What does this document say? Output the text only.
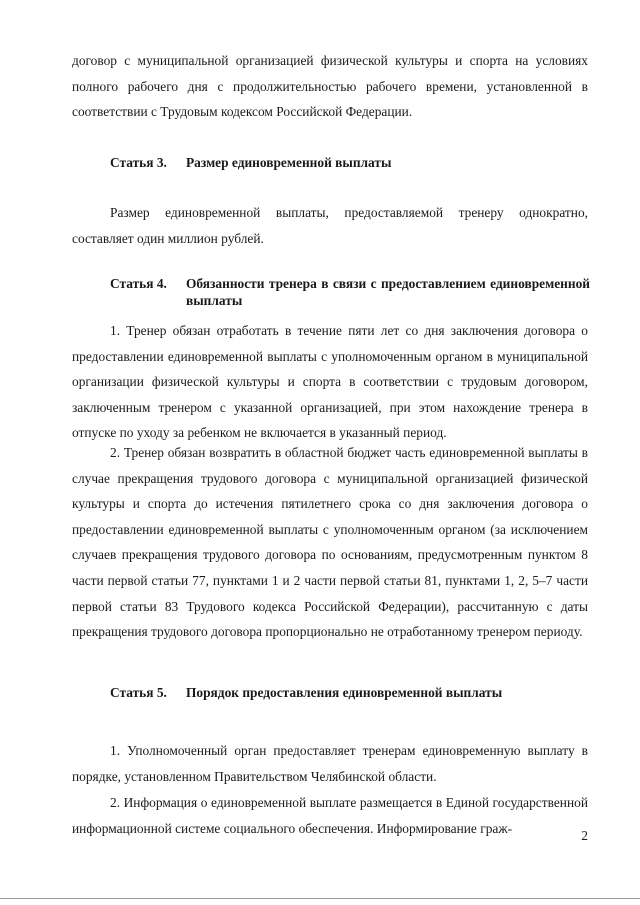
договор с муниципальной организацией физической культуры и спорта на условиях полного рабочего дня с продолжительностью рабочего времени, установленной в соответствии с Трудовым кодексом Российской Федерации.

Статья 3.	Размер единовременной выплаты

Размер единовременной выплаты, предоставляемой тренеру однократно, составляет один миллион рублей.

Статья 4.	Обязанности тренера в связи с предоставлением единовременной выплаты

1. Тренер обязан отработать в течение пяти лет со дня заключения договора о предоставлении единовременной выплаты с уполномоченным органом в муниципальной организации физической культуры и спорта в соответствии с трудовым договором, заключенным тренером с указанной организацией, при этом нахождение тренера в отпуске по уходу за ребенком не включается в указанный период.

2. Тренер обязан возвратить в областной бюджет часть единовременной выплаты в случае прекращения трудового договора с муниципальной организацией физической культуры и спорта до истечения пятилетнего срока со дня заключения договора о предоставлении единовременной выплаты с уполномоченным органом (за исключением случаев прекращения трудового договора по основаниям, предусмотренным пунктом 8 части первой статьи 77, пунктами 1 и 2 части первой статьи 81, пунктами 1, 2, 5–7 части первой статьи 83 Трудового кодекса Российской Федерации), рассчитанную с даты прекращения трудового договора пропорционально не отработанному тренером периоду.

Статья 5.	Порядок предоставления единовременной выплаты

1. Уполномоченный орган предоставляет тренерам единовременную выплату в порядке, установленном Правительством Челябинской области.

2. Информация о единовременной выплате размещается в Единой государственной информационной системе социального обеспечения. Информирование граж-	2
